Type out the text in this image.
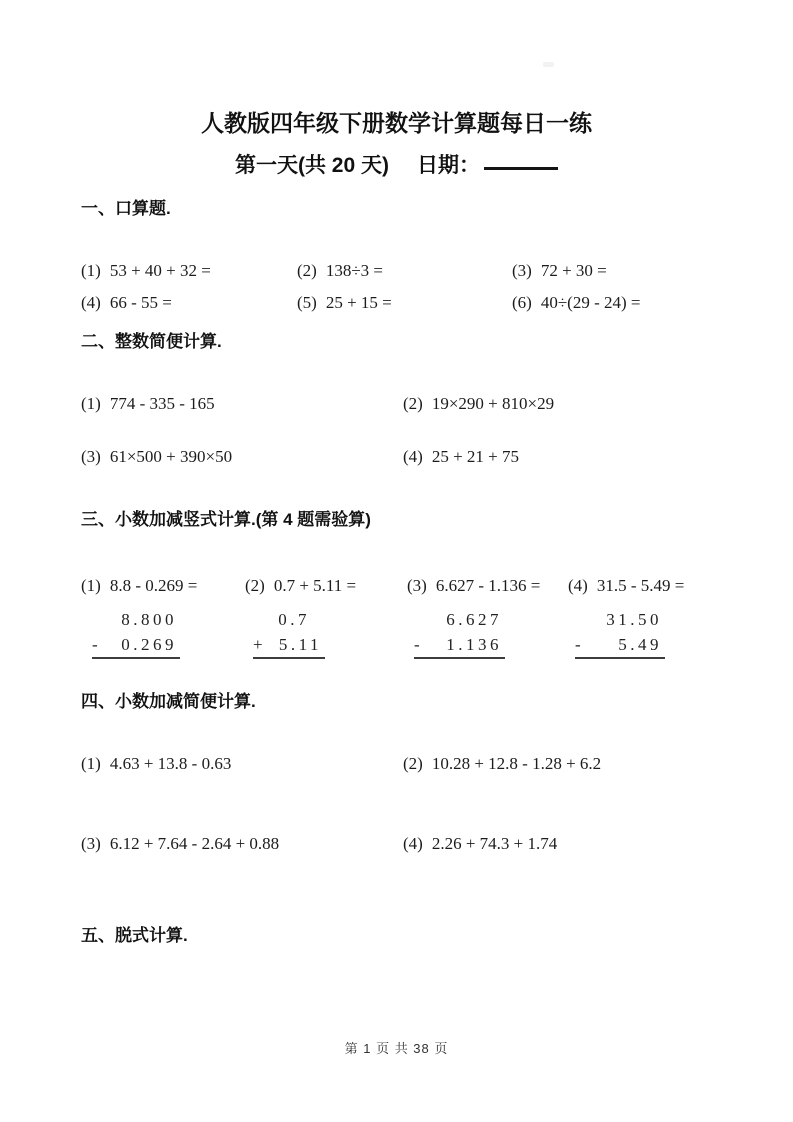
人教版四年级下册数学计算题每日一练
第一天(共 20 天) 日期：
一、口算题.
(1) 53 + 40 + 32 =	(2) 138÷3 =	(3) 72 + 30 =
(4) 66 - 55 =	(5) 25 + 15 =	(6) 40÷(29 - 24) =
二、整数简便计算.
(1) 774 - 335 - 165	(2) 19×290 + 810×29
(3) 61×500 + 390×50	(4) 25 + 21 + 75
三、小数加减竖式计算.(第 4 题需验算)
(1) 8.8 - 0.269 =	(2) 0.7 + 5.11 =	(3) 6.627 - 1.136 =	(4) 31.5 - 5.49 =
8.800
- 0.269
0.7
+ 5.11
6.627
- 1.136
31.50
- 5.49
四、小数加减简便计算.
(1) 4.63 + 13.8 - 0.63	(2) 10.28 + 12.8 - 1.28 + 6.2
(3) 6.12 + 7.64 - 2.64 + 0.88	(4) 2.26 + 74.3 + 1.74
五、脱式计算.
第 1 页 共 38 页
